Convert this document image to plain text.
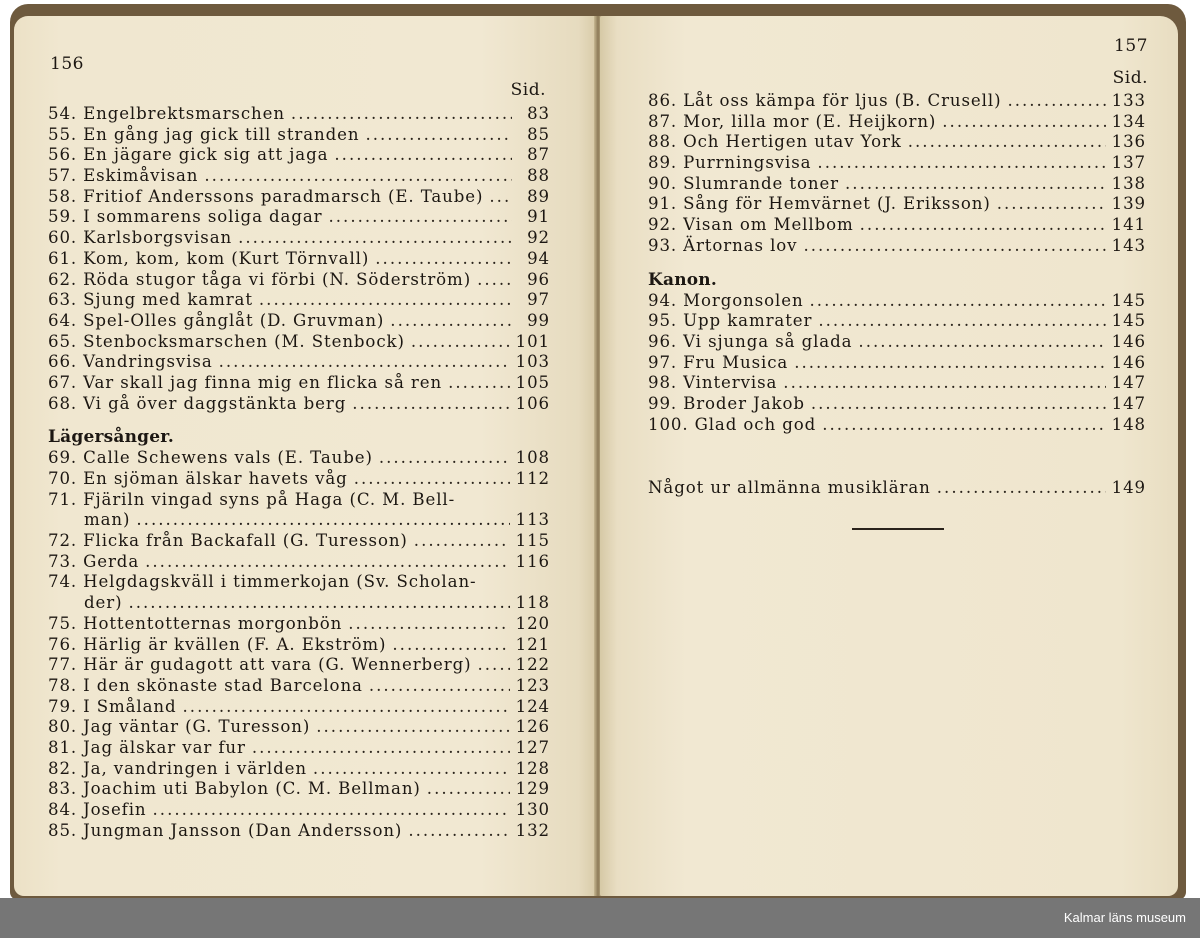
156
Sid.
54. Engelbrektsmarschen .....	83
55. En gång jag gick till stranden .....	85
56. En jägare gick sig att jaga .....	87
57. Eskimåvisan .....	88
58. Fritiof Anderssons paradmarsch (E. Taube) .....	89
59. I sommarens soliga dagar .....	91
60. Karlsborgsvisan .....	92
61. Kom, kom, kom (Kurt Törnvall) .....	94
62. Röda stugor tåga vi förbi (N. Söderström) .....	96
63. Sjung med kamrat .....	97
64. Spel-Olles gånglåt (D. Gruvman) .....	99
65. Stenbocksmarschen (M. Stenbock) .....	101
66. Vandringsvisa .....	103
67. Var skall jag finna mig en flicka så ren .....	105
68. Vi gå över daggstänkta berg .....	106
Lägersånger.
69. Calle Schewens vals (E. Taube) .....	108
70. En sjöman älskar havets våg .....	112
71. Fjäriln vingad syns på Haga (C. M. Bell-
man) .....	113
72. Flicka från Backafall (G. Turesson) .....	115
73. Gerda .....	116
74. Helgdagskväll i timmerkojan (Sv. Scholan-
der) .....	118
75. Hottentotternas morgonbön .....	120
76. Härlig är kvällen (F. A. Ekström) .....	121
77. Här är gudagott att vara (G. Wennerberg) .....	122
78. I den skönaste stad Barcelona .....	123
79. I Småland .....	124
80. Jag väntar (G. Turesson) .....	126
81. Jag älskar var fur .....	127
82. Ja, vandringen i världen .....	128
83. Joachim uti Babylon (C. M. Bellman) .....	129
84. Josefin .....	130
85. Jungman Jansson (Dan Andersson) .....	132
157
Sid.
86. Låt oss kämpa för ljus (B. Crusell) .....	133
87. Mor, lilla mor (E. Heijkorn) .....	134
88. Och Hertigen utav York .....	136
89. Purrningsvisa .....	137
90. Slumrande toner .....	138
91. Sång för Hemvärnet (J. Eriksson) .....	139
92. Visan om Mellbom .....	141
93. Ärtornas lov .....	143
Kanon.
94. Morgonsolen .....	145
95. Upp kamrater .....	145
96. Vi sjunga så glada .....	146
97. Fru Musica .....	146
98. Vintervisa .....	147
99. Broder Jakob .....	147
100. Glad och god .....	148
Något ur allmänna musikläran .....	149
Kalmar läns museum
